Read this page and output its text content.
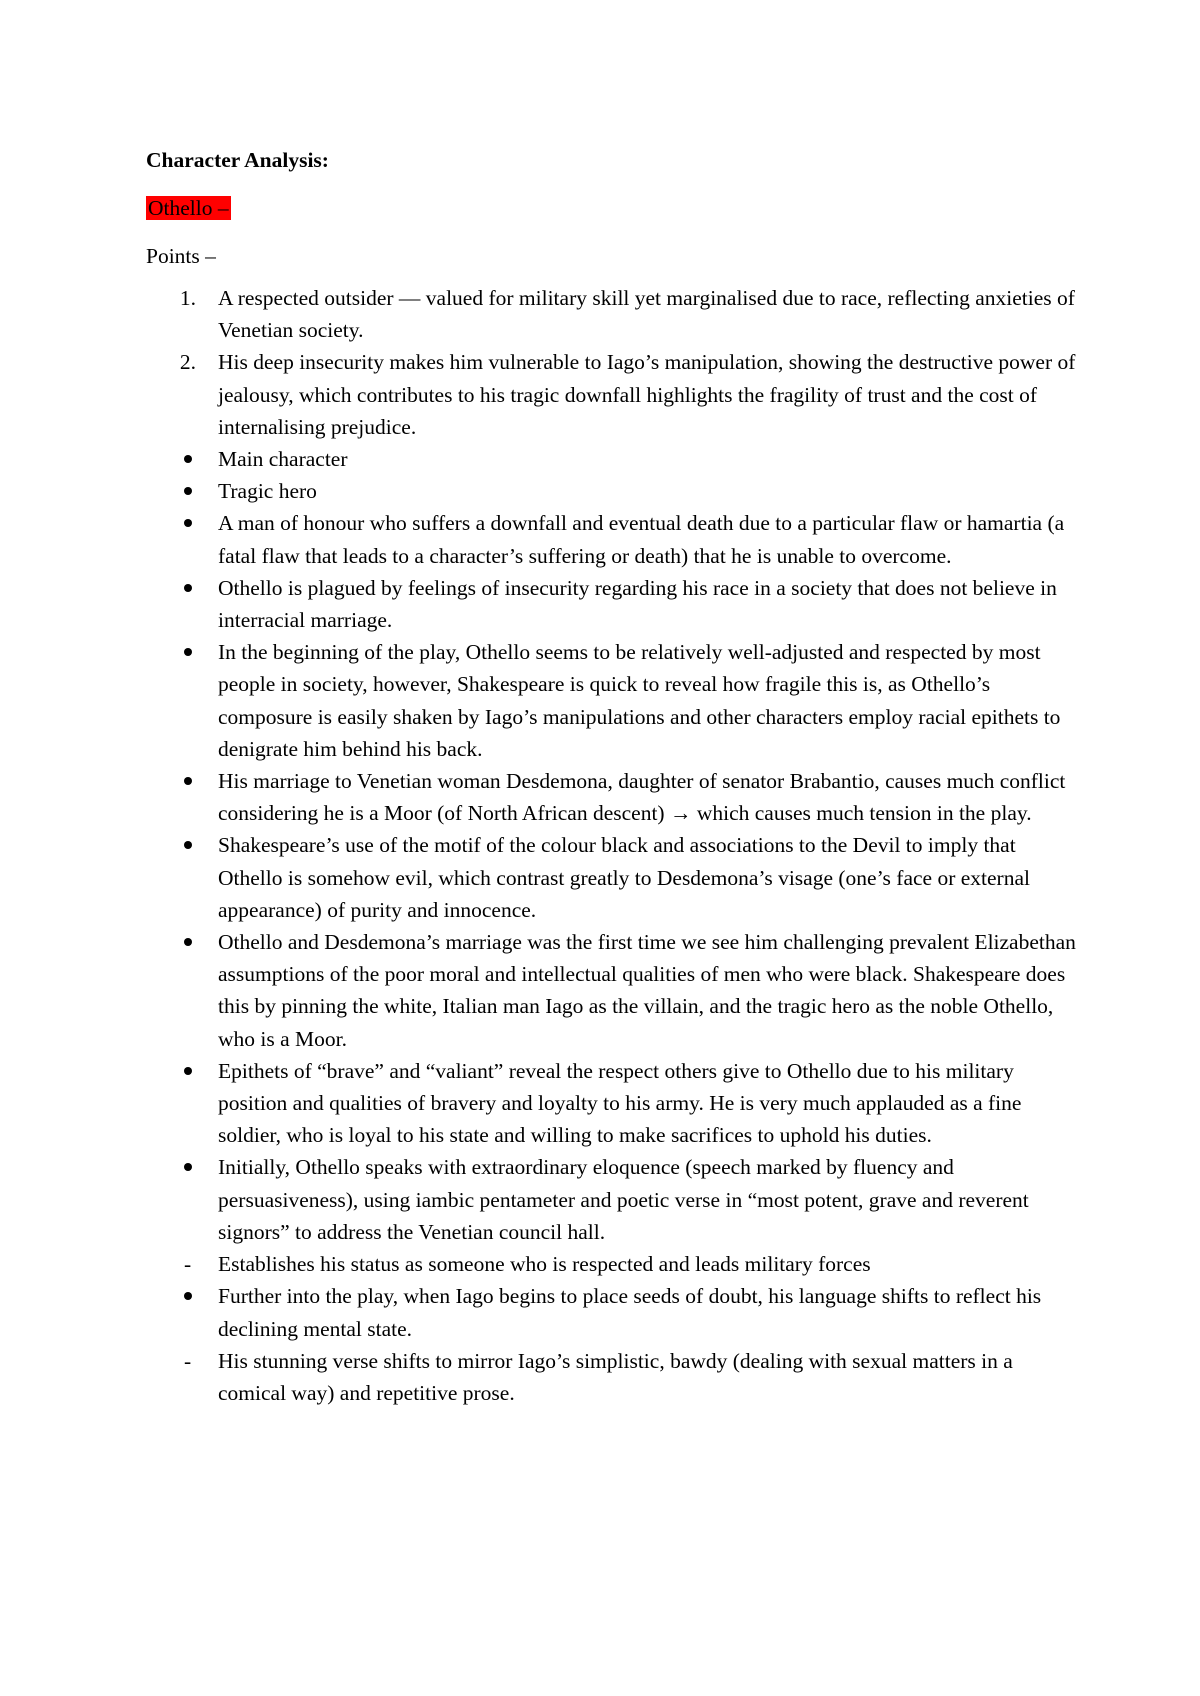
Character Analysis:
Othello –
Points –
1. A respected outsider — valued for military skill yet marginalised due to race, reflecting anxieties of Venetian society.
2. His deep insecurity makes him vulnerable to Iago’s manipulation, showing the destructive power of jealousy, which contributes to his tragic downfall highlights the fragility of trust and the cost of internalising prejudice.
Main character
Tragic hero
A man of honour who suffers a downfall and eventual death due to a particular flaw or hamartia (a fatal flaw that leads to a character’s suffering or death) that he is unable to overcome.
Othello is plagued by feelings of insecurity regarding his race in a society that does not believe in interracial marriage.
In the beginning of the play, Othello seems to be relatively well-adjusted and respected by most people in society, however, Shakespeare is quick to reveal how fragile this is, as Othello’s composure is easily shaken by Iago’s manipulations and other characters employ racial epithets to denigrate him behind his back.
His marriage to Venetian woman Desdemona, daughter of senator Brabantio, causes much conflict considering he is a Moor (of North African descent) → which causes much tension in the play.
Shakespeare’s use of the motif of the colour black and associations to the Devil to imply that Othello is somehow evil, which contrast greatly to Desdemona’s visage (one’s face or external appearance) of purity and innocence.
Othello and Desdemona’s marriage was the first time we see him challenging prevalent Elizabethan assumptions of the poor moral and intellectual qualities of men who were black. Shakespeare does this by pinning the white, Italian man Iago as the villain, and the tragic hero as the noble Othello, who is a Moor.
Epithets of “brave” and “valiant” reveal the respect others give to Othello due to his military position and qualities of bravery and loyalty to his army. He is very much applauded as a fine soldier, who is loyal to his state and willing to make sacrifices to uphold his duties.
Initially, Othello speaks with extraordinary eloquence (speech marked by fluency and persuasiveness), using iambic pentameter and poetic verse in “most potent, grave and reverent signors” to address the Venetian council hall.
-	Establishes his status as someone who is respected and leads military forces
Further into the play, when Iago begins to place seeds of doubt, his language shifts to reflect his declining mental state.
-	His stunning verse shifts to mirror Iago’s simplistic, bawdy (dealing with sexual matters in a comical way) and repetitive prose.
